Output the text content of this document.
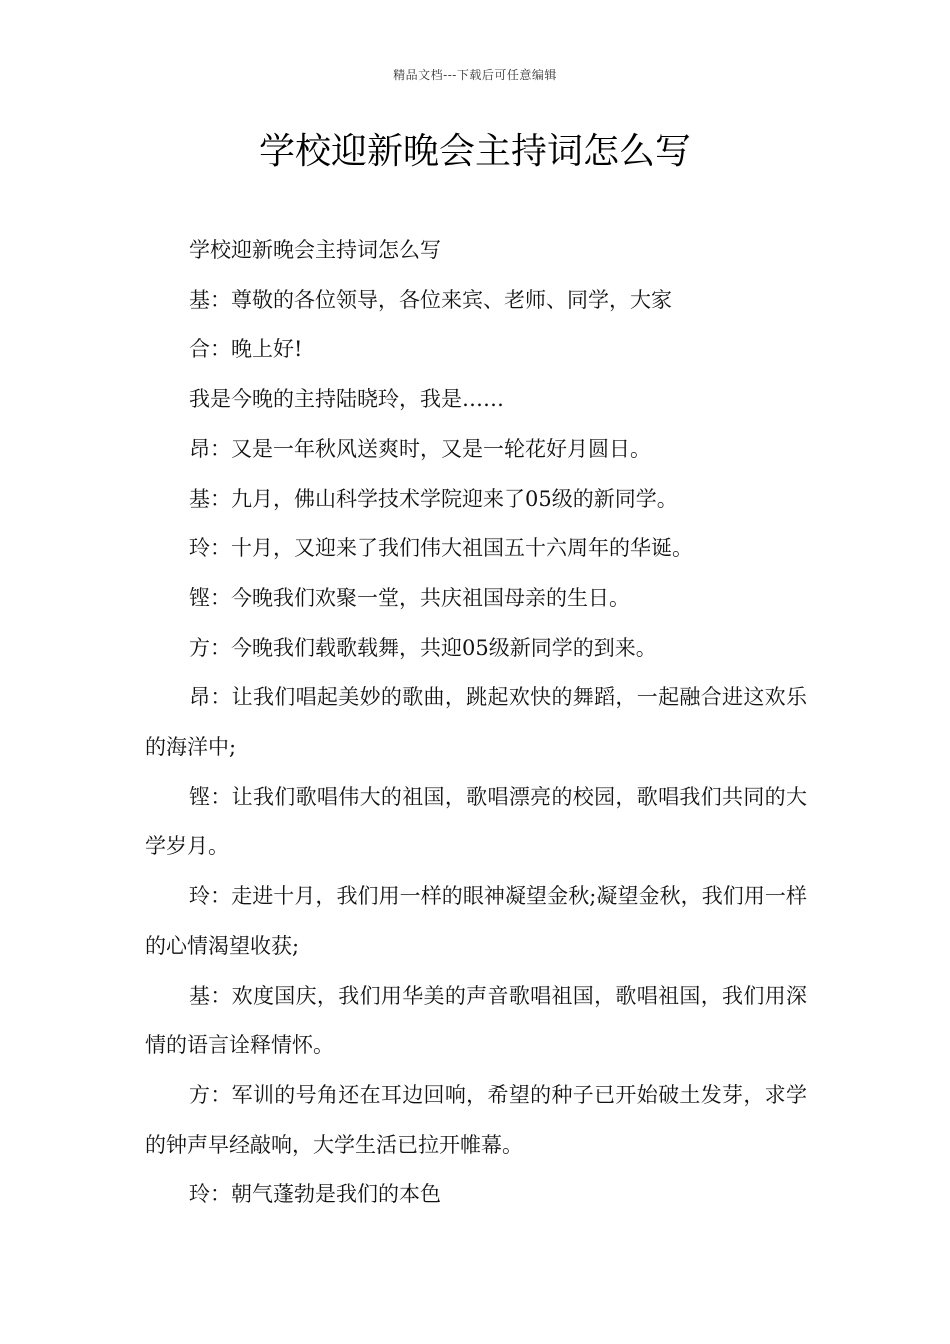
精品文档---下载后可任意编辑
学校迎新晚会主持词怎么写

学校迎新晚会主持词怎么写

基：尊敬的各位领导，各位来宾、老师、同学，大家

合：晚上好!

我是今晚的主持陆晓玲，我是……

昂：又是一年秋风送爽时，又是一轮花好月圆日。

基：九月，佛山科学技术学院迎来了05级的新同学。

玲：十月，又迎来了我们伟大祖国五十六周年的华诞。

铿：今晚我们欢聚一堂，共庆祖国母亲的生日。

方：今晚我们载歌载舞，共迎05级新同学的到来。

昂：让我们唱起美妙的歌曲，跳起欢快的舞蹈，一起融合进这欢乐的海洋中;

铿：让我们歌唱伟大的祖国，歌唱漂亮的校园，歌唱我们共同的大学岁月。

玲：走进十月，我们用一样的眼神凝望金秋;凝望金秋，我们用一样的心情渴望收获;

基：欢度国庆，我们用华美的声音歌唱祖国，歌唱祖国，我们用深情的语言诠释情怀。

方：军训的号角还在耳边回响，希望的种子已开始破土发芽，求学的钟声早经敲响，大学生活已拉开帷幕。

玲：朝气蓬勃是我们的本色
